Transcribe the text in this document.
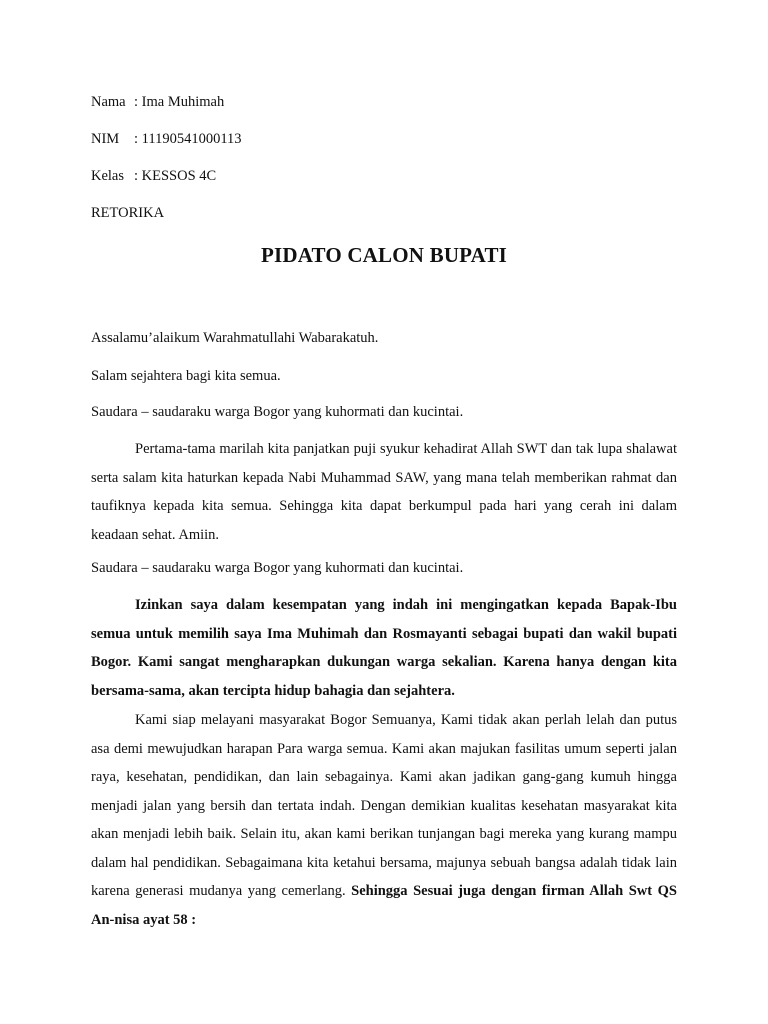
Nama : Ima Muhimah
NIM : 11190541000113
Kelas : KESSOS 4C
RETORIKA
PIDATO CALON BUPATI
Assalamu’alaikum Warahmatullahi Wabarakatuh.
Salam sejahtera bagi kita semua.
Saudara – saudaraku warga Bogor yang kuhormati dan kucintai.
Pertama-tama marilah kita panjatkan puji syukur kehadirat Allah SWT dan tak lupa shalawat serta salam kita haturkan kepada Nabi Muhammad SAW, yang mana telah memberikan rahmat dan taufiknya kepada kita semua. Sehingga kita dapat berkumpul pada hari yang cerah ini dalam keadaan sehat. Amiin.
Saudara – saudaraku warga Bogor yang kuhormati dan kucintai.
Izinkan saya dalam kesempatan yang indah ini mengingatkan kepada Bapak-Ibu semua untuk memilih saya Ima Muhimah dan Rosmayanti sebagai bupati dan wakil bupati Bogor. Kami sangat mengharapkan dukungan warga sekalian. Karena hanya dengan kita bersama-sama, akan tercipta hidup bahagia dan sejahtera.
Kami siap melayani masyarakat Bogor Semuanya, Kami tidak akan perlah lelah dan putus asa demi mewujudkan harapan Para warga semua. Kami akan majukan fasilitas umum seperti jalan raya, kesehatan, pendidikan, dan lain sebagainya. Kami akan jadikan gang-gang kumuh hingga menjadi jalan yang bersih dan tertata indah. Dengan demikian kualitas kesehatan masyarakat kita akan menjadi lebih baik. Selain itu, akan kami berikan tunjangan bagi mereka yang kurang mampu dalam hal pendidikan. Sebagaimana kita ketahui bersama, majunya sebuah bangsa adalah tidak lain karena generasi mudanya yang cemerlang. Sehingga Sesuai juga dengan firman Allah Swt QS An-nisa ayat 58 :
